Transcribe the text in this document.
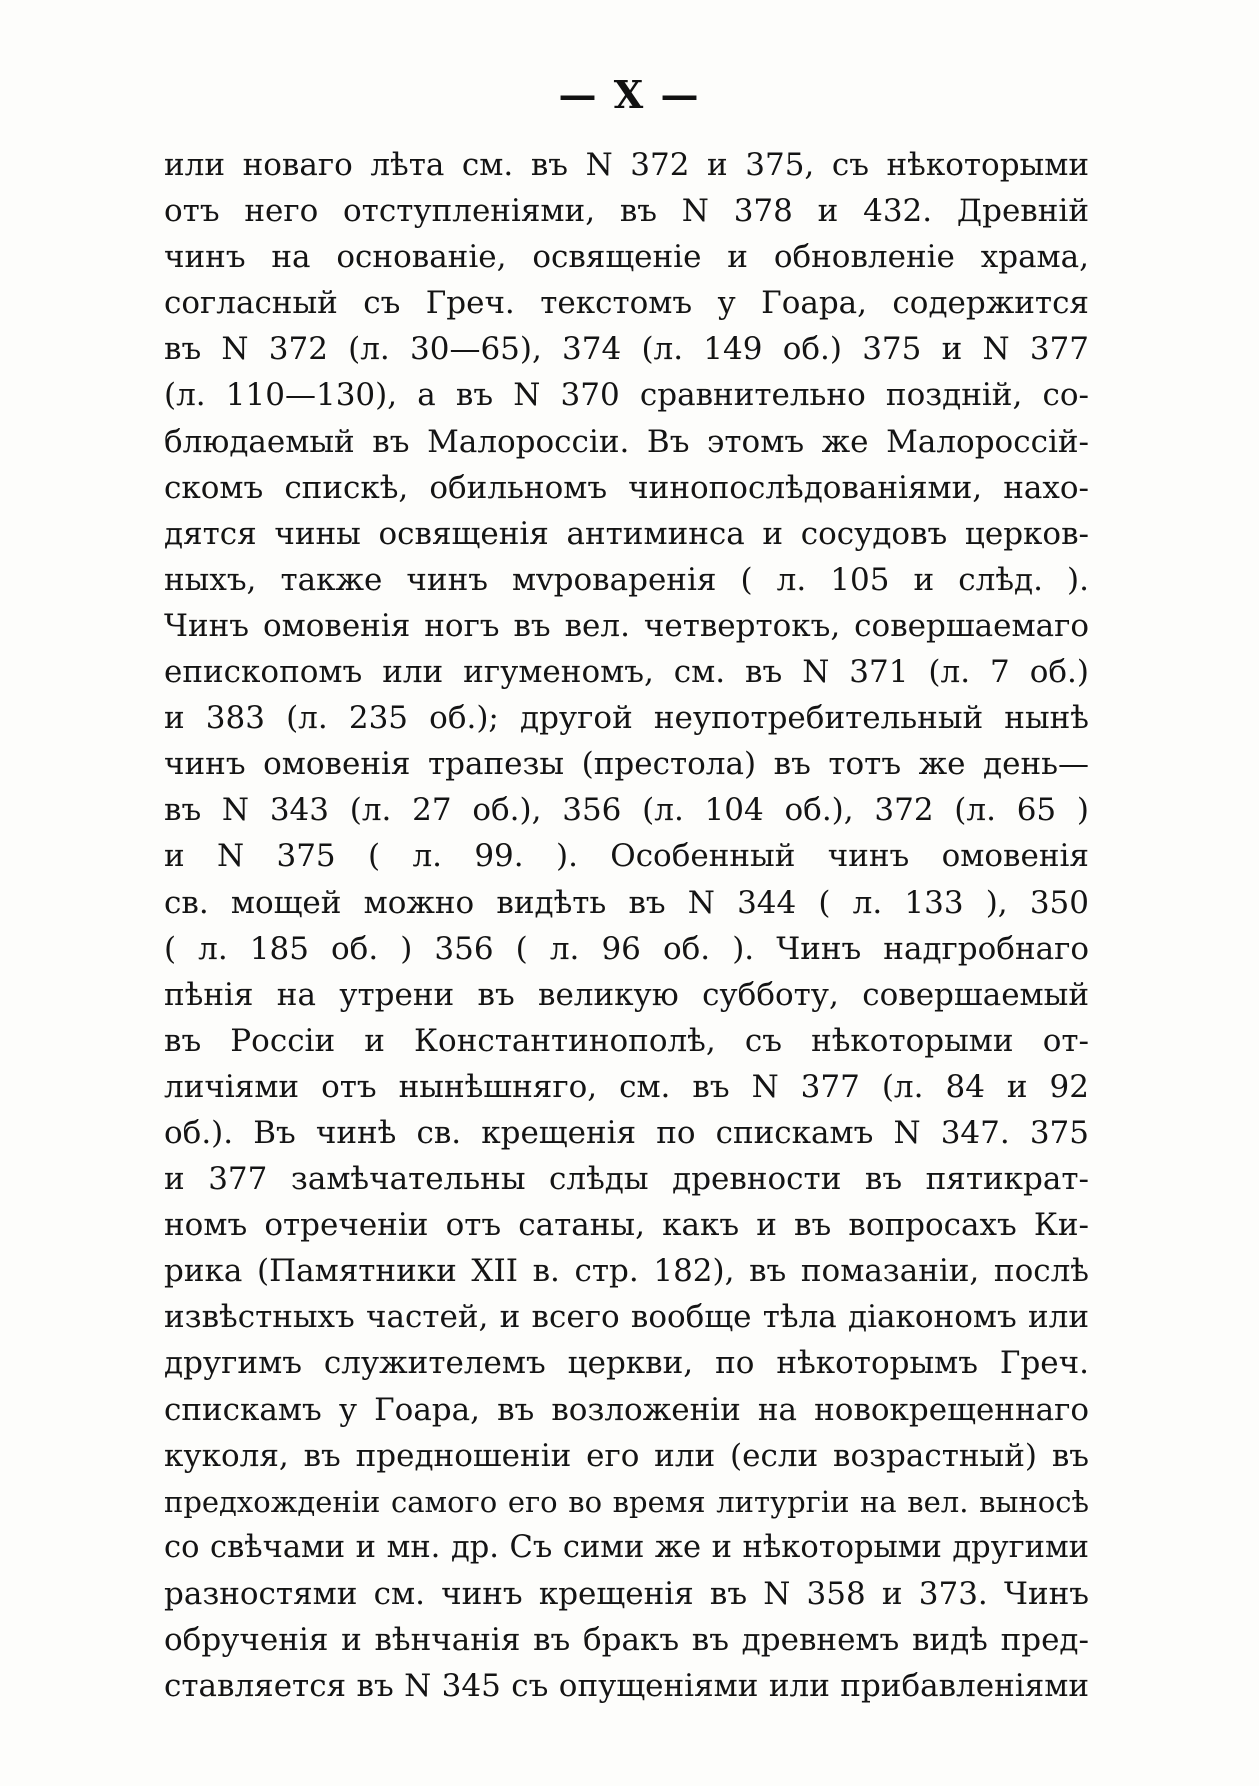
— X —
или новаго лѣта см. въ N 372 и 375, съ нѣкоторыми
отъ него отступленiями, въ N 378 и 432. Древнiй
чинъ на основанiе, освященiе и обновленiе храма,
согласный съ Греч. текстомъ у Гоара, содержится
въ N 372 (л. 30—65), 374 (л. 149 об.) 375 и N 377
(л. 110—130), а въ N 370 сравнительно позднiй, со-
блюдаемый въ Малороссiи. Въ этомъ же Малороссiй-
скомъ спискѣ, обильномъ чинопослѣдованiями, нахо-
дятся чины освященiя антиминса и сосудовъ церков-
ныхъ, также чинъ мvроваренiя ( л. 105 и слѣд. ).
Чинъ омовенiя ногъ въ вел. четвертокъ, совершаемаго
епископомъ или игуменомъ, см. въ N 371 (л. 7 об.)
и 383 (л. 235 об.); другой неупотребительный нынѣ
чинъ омовенiя трапезы (престола) въ тотъ же день—
въ N 343 (л. 27 об.), 356 (л. 104 об.), 372 (л. 65 )
и N 375 ( л. 99. ). Особенный чинъ омовенiя
св. мощей можно видѣть въ N 344 ( л. 133 ), 350
( л. 185 об. ) 356 ( л. 96 об. ). Чинъ надгробнаго
пѣнiя на утрени въ великую субботу, совершаемый
въ Россiи и Константинополѣ, съ нѣкоторыми от-
личiями отъ нынѣшняго, см. въ N 377 (л. 84 и 92
об.). Въ чинѣ св. крещенiя по спискамъ N 347. 375
и 377 замѣчательны слѣды древности въ пятикрат-
номъ отреченiи отъ сатаны, какъ и въ вопросахъ Ки-
рика (Памятники XII в. стр. 182), въ помазанiи, послѣ
извѣстныхъ частей, и всего вообще тѣла дiакономъ или
другимъ служителемъ церкви, по нѣкоторымъ Греч.
спискамъ у Гоара, въ возложенiи на новокрещеннаго
куколя, въ предношенiи его или (если возрастный) въ
предхожденiи самого его во время литургiи на вел. выносѣ
со свѣчами и мн. др. Съ сими же и нѣкоторыми другими
разностями см. чинъ крещенiя въ N 358 и 373. Чинъ
обрученiя и вѣнчанiя въ бракъ въ древнемъ видѣ пред-
ставляется въ N 345 съ опущенiями или прибавленiями
